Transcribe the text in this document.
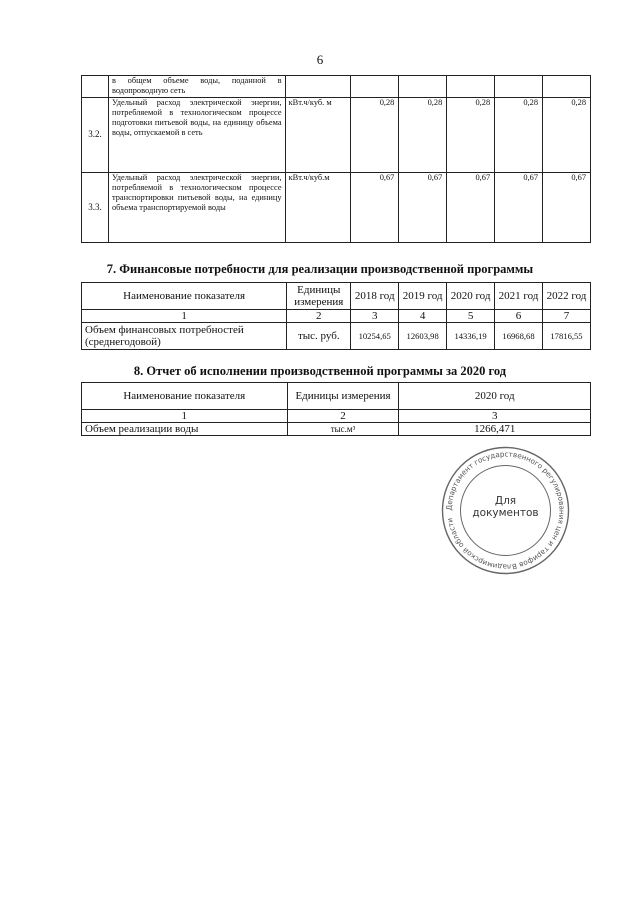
6
	в общем объеме воды, поданной в водопроводную сеть						
3.2.	Удельный расход электрической энергии, потребляемой в технологическом процессе подготовки питьевой воды, на единицу объема воды, отпускаемой в сеть	кВт.ч/куб. м	0,28	0,28	0,28	0,28	0,28
3.3.	Удельный расход электрической энергии, потребляемой в технологическом процессе транспортировки питьевой воды, на единицу объема транспортируемой воды	кВт.ч/куб.м	0,67	0,67	0,67	0,67	0,67
7. Финансовые потребности для реализации производственной программы
Наименование показателя	Единицы измерения	2018 год	2019 год	2020 год	2021 год	2022 год
1	2	3	4	5	6	7
Объем финансовых потребностей (среднегодовой)	тыс. руб.	10254,65	12603,98	14336,19	16968,68	17816,55
8. Отчет об исполнении производственной программы за 2020 год
Наименование показателя	Единицы измерения	2020 год
1	2	3
Объем реализации воды	тыс.м³	1266,471
Департамент государственного регулирования цен и тарифов Владимирской области
Для
документов
